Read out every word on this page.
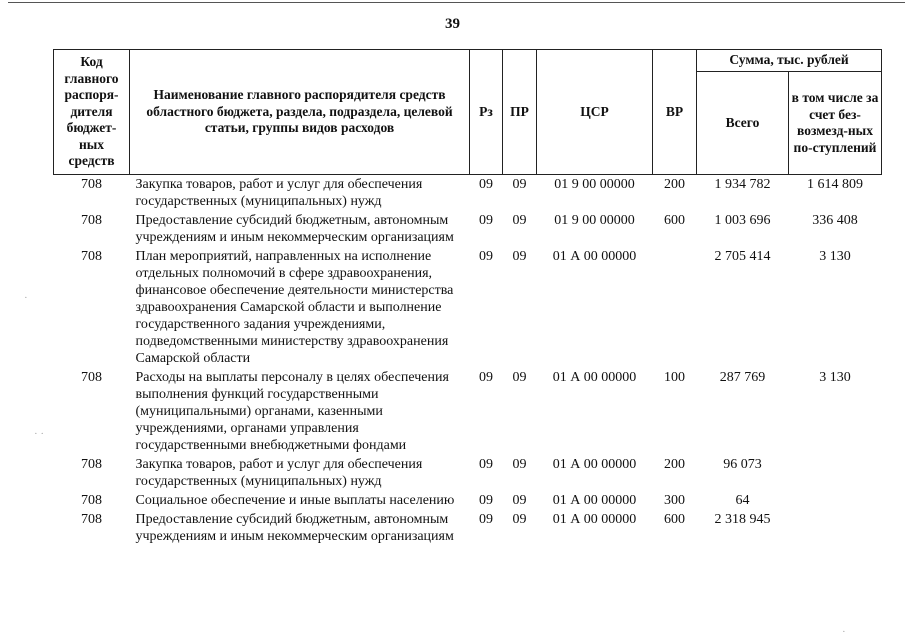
39
Код главного распоря-дителя бюджет-ных средств	Наименование главного распорядителя средств областного бюджета, раздела, подраздела, целевой статьи, группы видов расходов	Рз	ПР	ЦСР	ВР	Сумма, тыс. рублей	
						Всего	в том числе за счет без-возмезд-ных по-ступлений
708	Закупка товаров, работ и услуг для обеспечения государственных (муниципальных) нужд	09	09	01 9 00 00000	200	1 934 782	1 614 809
708	Предоставление субсидий бюджетным, автономным учреждениям и иным некоммерческим организациям	09	09	01 9 00 00000	600	1 003 696	336 408
708	План мероприятий, направленных на исполнение отдельных полномочий в сфере здравоохранения, финансовое обеспечение деятельности министерства здравоохранения Самарской области и выполнение государственного задания учреждениями, подведомственными министерству здравоохранения Самарской области	09	09	01 А 00 00000		2 705 414	3 130
708	Расходы на выплаты персоналу в целях обеспечения выполнения функций государственными (муниципальными) органами, казенными учреждениями, органами управления государственными внебюджетными фондами	09	09	01 А 00 00000	100	287 769	3 130
708	Закупка товаров, работ и услуг для обеспечения государственных (муниципальных) нужд	09	09	01 А 00 00000	200	96 073	
708	Социальное обеспечение и иные выплаты населению	09	09	01 А 00 00000	300	64	
708	Предоставление субсидий бюджетным, автономным учреждениям и иным некоммерческим организациям	09	09	01 А 00 00000	600	2 318 945	
·
· ·
·
